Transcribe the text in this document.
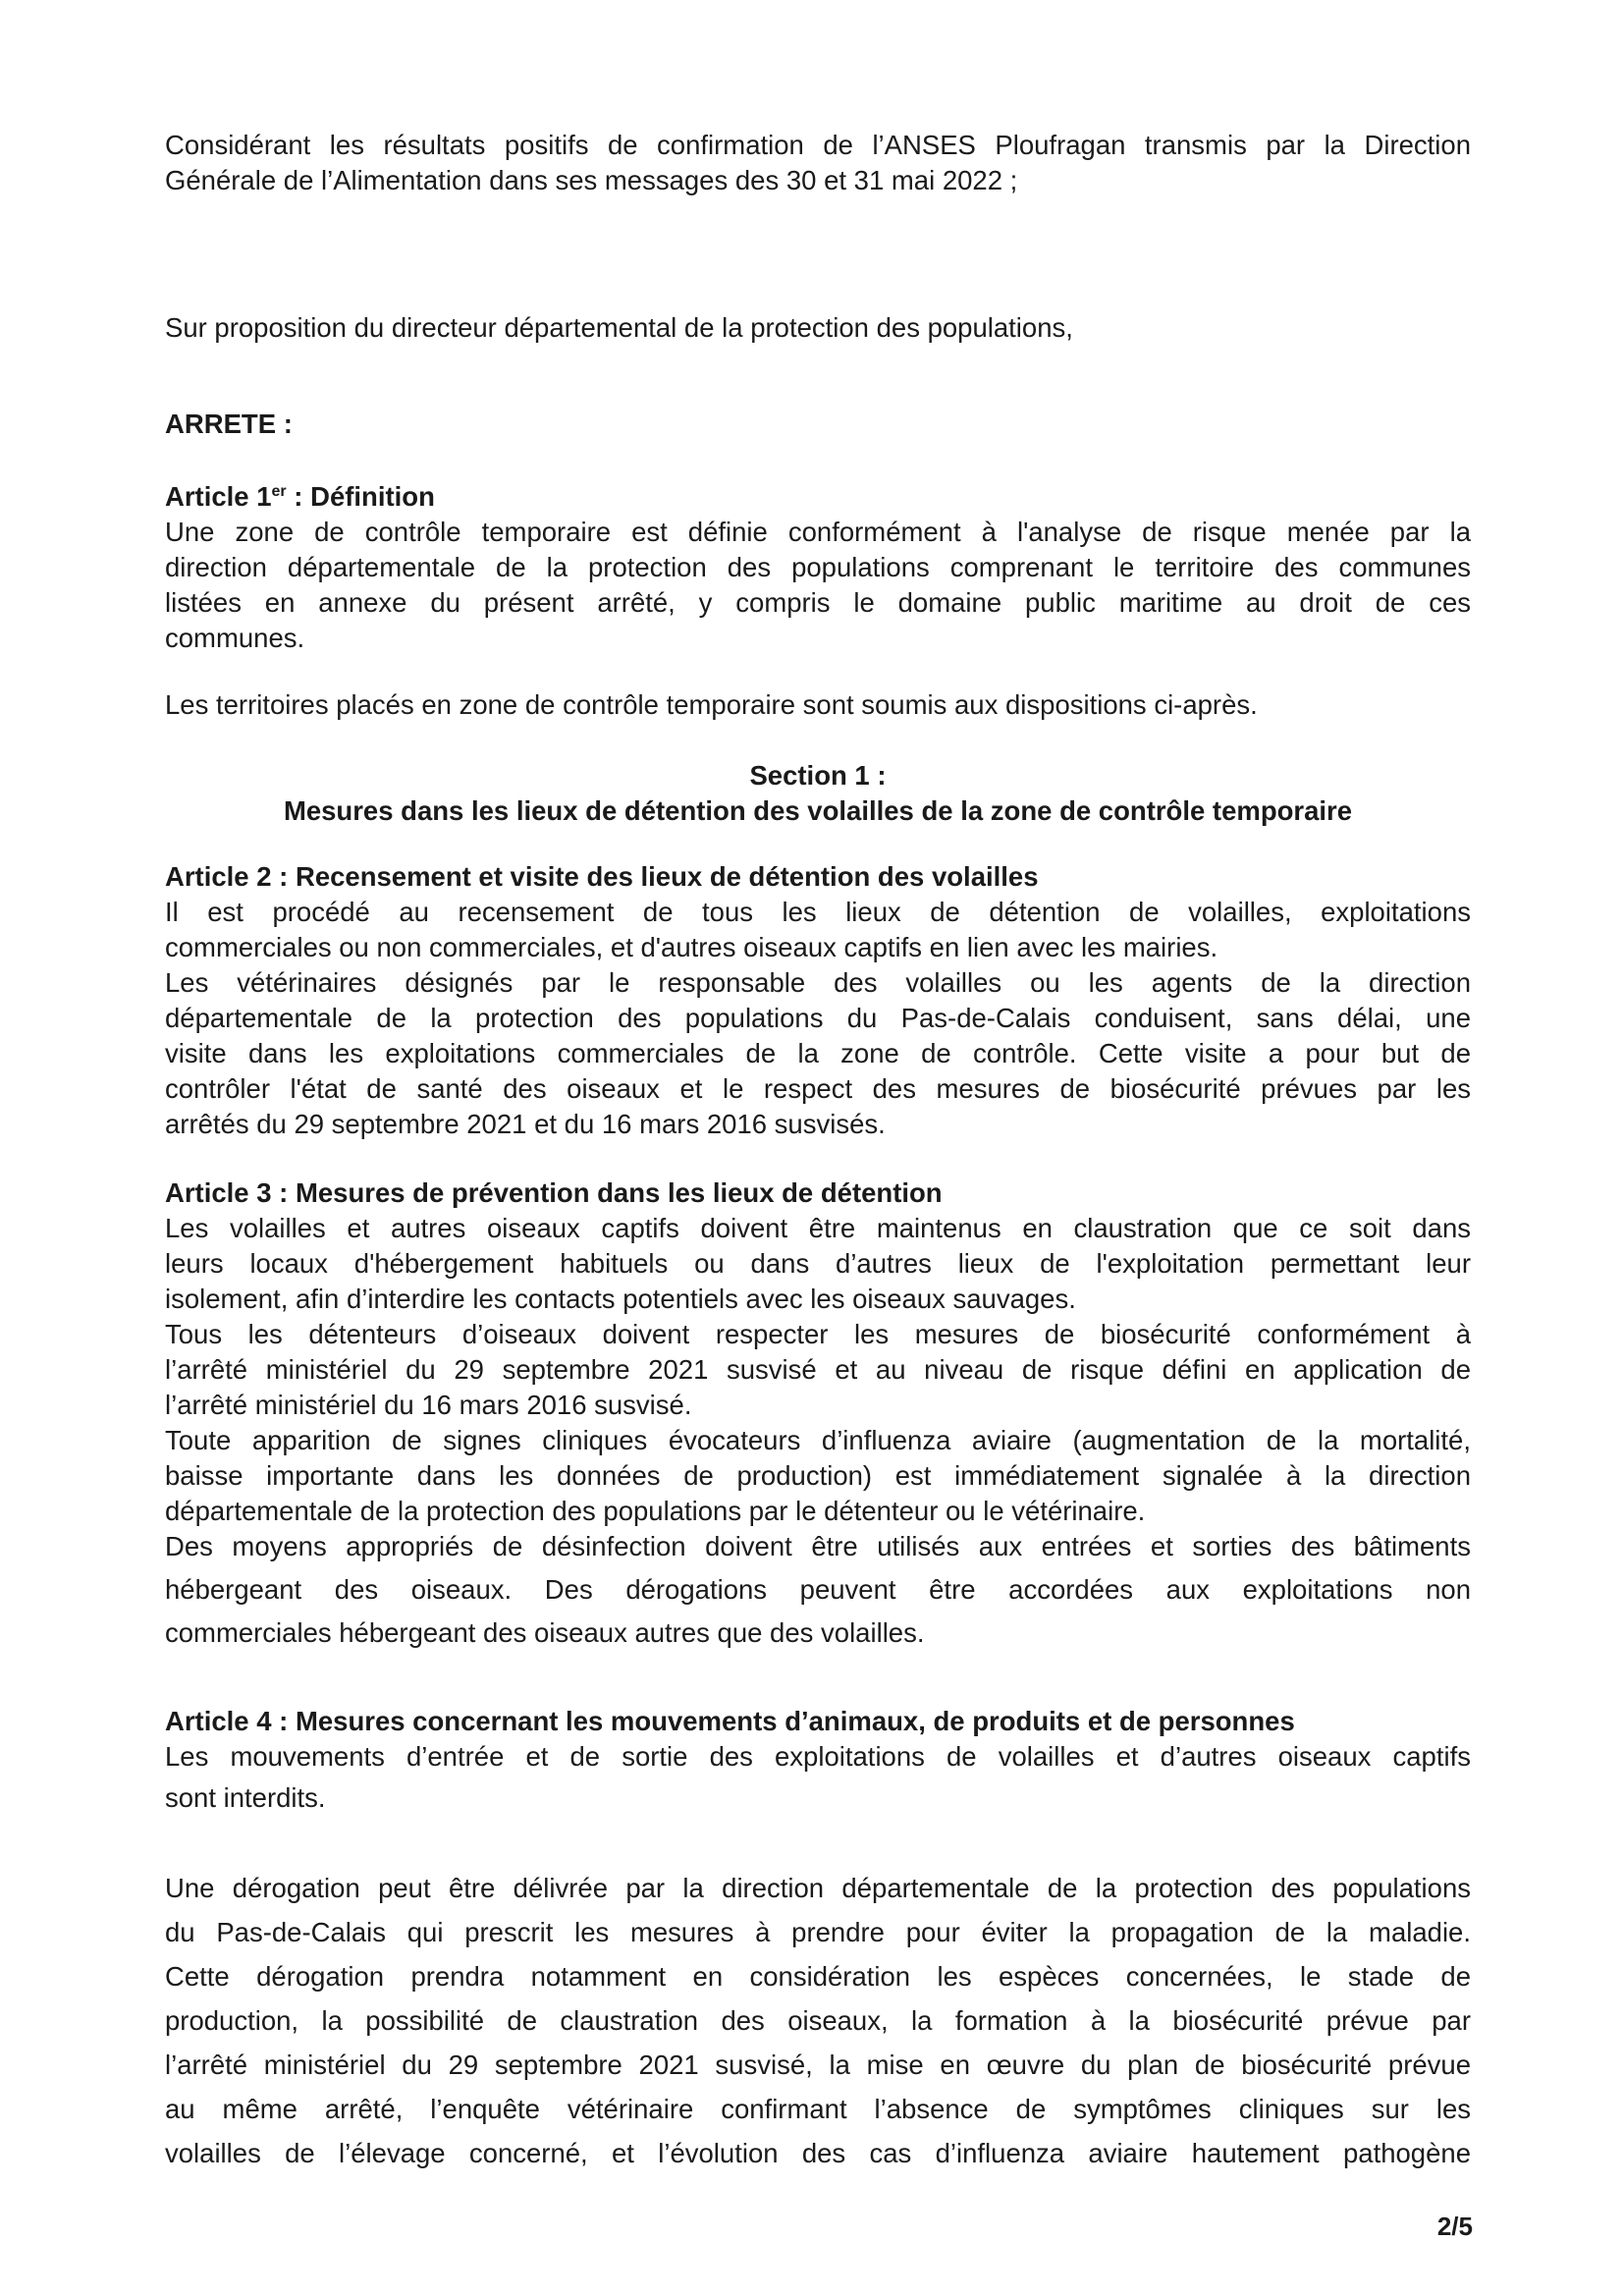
Considérant les résultats positifs de confirmation de l’ANSES Ploufragan transmis par la Direction
Générale de l’Alimentation dans ses messages des 30 et 31 mai 2022 ;
Sur proposition du directeur départemental de la protection des populations,
ARRETE :
Article 1er : Définition
Une zone de contrôle temporaire est définie conformément à l'analyse de risque menée par la
direction départementale de la protection des populations comprenant le territoire des communes
listées en annexe du présent arrêté, y compris le domaine public maritime au droit de ces
communes.
Les territoires placés en zone de contrôle temporaire sont soumis aux dispositions ci-après.
Section 1 :
Mesures dans les lieux de détention des volailles de la zone de contrôle temporaire
Article 2 : Recensement et visite des lieux de détention des volailles
Il est procédé au recensement de tous les lieux de détention de volailles, exploitations
commerciales ou non commerciales, et d'autres oiseaux captifs en lien avec les mairies.
Les vétérinaires désignés par le responsable des volailles ou les agents de la direction
départementale de la protection des populations du Pas-de-Calais conduisent, sans délai, une
visite dans les exploitations commerciales de la zone de contrôle. Cette visite a pour but de
contrôler l'état de santé des oiseaux et le respect des mesures de biosécurité prévues par les
arrêtés du 29 septembre 2021 et du 16 mars 2016 susvisés.
Article 3 : Mesures de prévention dans les lieux de détention
Les volailles et autres oiseaux captifs doivent être maintenus en claustration que ce soit dans
leurs locaux d'hébergement habituels ou dans d’autres lieux de l'exploitation permettant leur
isolement, afin d’interdire les contacts potentiels avec les oiseaux sauvages.
Tous les détenteurs d’oiseaux doivent respecter les mesures de biosécurité conformément à
l’arrêté ministériel du 29 septembre 2021 susvisé et au niveau de risque défini en application de
l’arrêté ministériel du 16 mars 2016 susvisé.
Toute apparition de signes cliniques évocateurs d’influenza aviaire (augmentation de la mortalité,
baisse importante dans les données de production) est immédiatement signalée à la direction
départementale de la protection des populations par le détenteur ou le vétérinaire.
Des moyens appropriés de désinfection doivent être utilisés aux entrées et sorties des bâtiments
hébergeant des oiseaux. Des dérogations peuvent être accordées aux exploitations non
commerciales hébergeant des oiseaux autres que des volailles.
Article 4 : Mesures concernant les mouvements d’animaux, de produits et de personnes
Les mouvements d’entrée et de sortie des exploitations de volailles et d’autres oiseaux captifs
sont interdits.
Une dérogation peut être délivrée par la direction départementale de la protection des populations
du Pas-de-Calais qui prescrit les mesures à prendre pour éviter la propagation de la maladie.
Cette dérogation prendra notamment en considération les espèces concernées, le stade de
production, la possibilité de claustration des oiseaux, la formation à la biosécurité prévue par
l’arrêté ministériel du 29 septembre 2021 susvisé, la mise en œuvre du plan de biosécurité prévue
au même arrêté, l’enquête vétérinaire confirmant l’absence de symptômes cliniques sur les
volailles de l’élevage concerné, et l’évolution des cas d’influenza aviaire hautement pathogène
2/5
